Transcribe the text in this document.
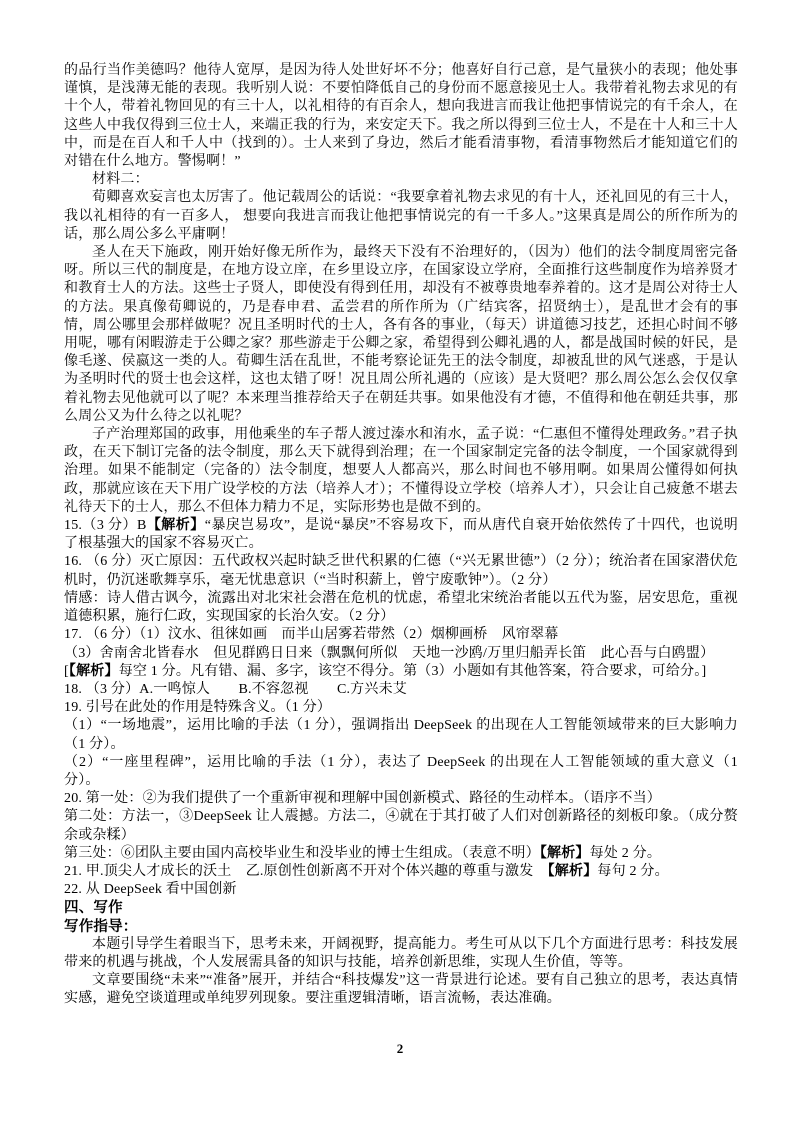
的品行当作美德吗？他待人宽厚，是因为待人处世好坏不分；他喜好自行己意，是气量狭小的表现；他处事谨慎，是浅薄无能的表现。我听别人说：不要怕降低自己的身份而不愿意接见士人。我带着礼物去求见的有十个人，带着礼物回见的有三十人，以礼相待的有百余人，想向我进言而我让他把事情说完的有千余人，在这些人中我仅得到三位士人，来端正我的行为，来安定天下。我之所以得到三位士人，不是在十人和三十人中，而是在百人和千人中（找到的）。士人来到了身边，然后才能看清事物，看清事物然后才能知道它们的对错在什么地方。警惕啊！”

材料二：

荀卿喜欢妄言也太厉害了。他记载周公的话说：“我要拿着礼物去求见的有十人，还礼回见的有三十人，我以礼相待的有一百多人， 想要向我进言而我让他把事情说完的有一千多人。”这果真是周公的所作所为的话，那么周公多么平庸啊！

圣人在天下施政，刚开始好像无所作为，最终天下没有不治理好的，（因为）他们的法令制度周密完备呀。所以三代的制度是，在地方设立庠，在乡里设立序，在国家设立学府，全面推行这些制度作为培养贤才和教育士人的方法。这些士子贤人，即使没有得到任用，却没有不被尊贵地奉养着的。这才是周公对待士人的方法。果真像荀卿说的，乃是春申君、孟尝君的所作所为（广结宾客，招贤纳士），是乱世才会有的事情，周公哪里会那样做呢？况且圣明时代的士人，各有各的事业，（每天）讲道德习技艺，还担心时间不够用呢，哪有闲暇游走于公卿之家？那些游走于公卿之家，希望得到公卿礼遇的人，都是战国时候的奸民，是像毛遂、侯嬴这一类的人。荀卿生活在乱世，不能考察论证先王的法令制度，却被乱世的风气迷惑，于是认为圣明时代的贤士也会这样，这也太错了呀！况且周公所礼遇的（应该）是大贤吧？那么周公怎么会仅仅拿着礼物去见他就可以了呢？本来理当推荐给天子在朝廷共事。如果他没有才德，不值得和他在朝廷共事，那么周公又为什么待之以礼呢？

子产治理郑国的政事，用他乘坐的车子帮人渡过溱水和洧水，孟子说：“仁惠但不懂得处理政务。”君子执政，在天下制订完备的法令制度，那么天下就得到治理；在一个国家制定完备的法令制度，一个国家就得到治理。如果不能制定（完备的）法令制度，想要人人都高兴，那么时间也不够用啊。如果周公懂得如何执政，那就应该在天下用广设学校的方法（培养人才）；不懂得设立学校（培养人才），只会让自己疲惫不堪去礼待天下的士人，那么不但体力精力不足，实际形势也是做不到的。

15.（3 分）B【解析】“暴戾岂易攻”，是说“暴戾”不容易攻下，而从唐代自衰开始依然传了十四代，也说明了根基强大的国家不容易灭亡。

16. （6 分）灭亡原因：五代政权兴起时缺乏世代积累的仁德（“兴无累世德”）（2 分）；统治者在国家潜伏危机时，仍沉迷歌舞享乐，毫无忧患意识（“当时积薪上，曾宁废歌钟”）。（2 分）

情感：诗人借古讽今，流露出对北宋社会潜在危机的忧虑，希望北宋统治者能以五代为鉴，居安思危，重视道德积累，施行仁政，实现国家的长治久安。（2 分）

17. （6 分）（1）汶水、徂徕如画　而半山居雾若带然（2）烟柳画桥　风帘翠幕

（3）舍南舍北皆春水　但见群鸥日日来（飘飘何所似　天地一沙鸥/万里归船弄长笛　此心吾与白鸥盟）

[【解析】每空 1 分。凡有错、漏、多字，该空不得分。第（3）小题如有其他答案，符合要求，可给分。]

18. （3 分）A.一鸣惊人　　B.不容忽视　　C.方兴未艾

19. 引号在此处的作用是特殊含义。（1 分）

（1）“一场地震”，运用比喻的手法（1 分），强调指出 DeepSeek 的出现在人工智能领域带来的巨大影响力（1 分）。

（2）“一座里程碑”，运用比喻的手法（1 分），表达了 DeepSeek 的出现在人工智能领域的重大意义（1 分）。

20. 第一处：②为我们提供了一个重新审视和理解中国创新模式、路径的生动样本。（语序不当）

第二处：方法一，③DeepSeek 让人震撼。方法二，④就在于其打破了人们对创新路径的刻板印象。（成分赘余或杂糅）

第三处：⑥团队主要由国内高校毕业生和没毕业的博士生组成。（表意不明）【解析】每处 2 分。

21. 甲.顶尖人才成长的沃土　乙.原创性创新离不开对个体兴趣的尊重与激发　【解析】每句 2 分。

22. 从 DeepSeek 看中国创新

四、写作

写作指导：

本题引导学生着眼当下，思考未来，开阔视野，提高能力。考生可从以下几个方面进行思考：科技发展带来的机遇与挑战，个人发展需具备的知识与技能，培养创新思维，实现人生价值，等等。

文章要围绕“未来”“准备”展开，并结合“科技爆发”这一背景进行论述。要有自己独立的思考，表达真情实感，避免空谈道理或单纯罗列现象。要注重逻辑清晰，语言流畅，表达准确。

2
